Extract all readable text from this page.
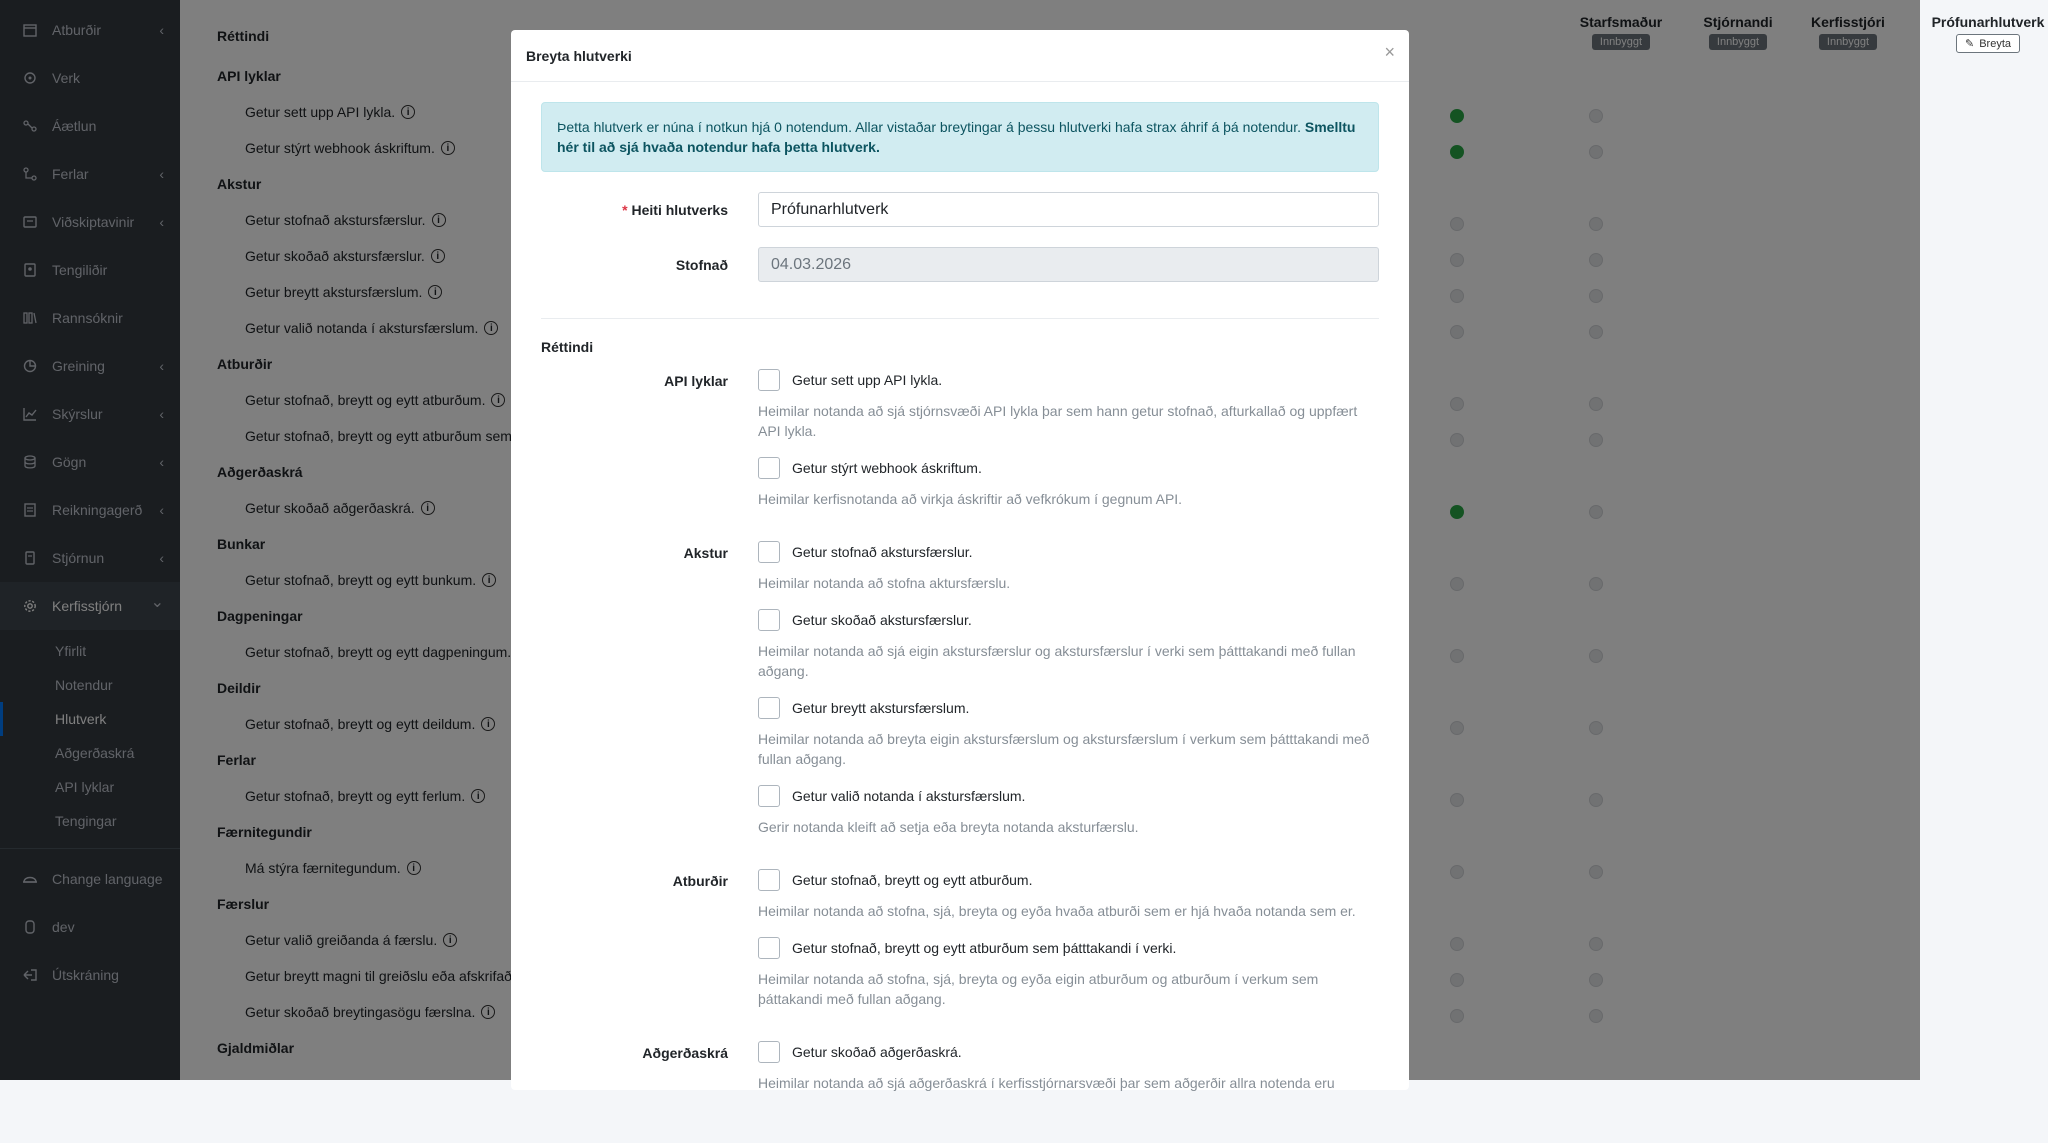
Prófunarhlutverk
✎ Breyta
Breyta hlutverki	×
Þetta hlutverk er núna í notkun hjá 0 notendum. Allar vistaðar breytingar á þessu hlutverki hafa strax áhrif á þá notendur. Smelltu hér til að sjá hvaða notendur hafa þetta hlutverk.
* Heiti hlutverks	Prófunarhlutverk
Stofnað	04.03.2026
Réttindi
API lyklar	Getur sett upp API lykla.
Heimilar notanda að sjá stjórnsvæði API lykla þar sem hann getur stofnað, afturkallað og uppfært API lykla.
Getur stýrt webhook áskriftum.
Heimilar kerfisnotanda að virkja áskriftir að vefkrókum í gegnum API.
Akstur	Getur stofnað akstursfærslur.
Heimilar notanda að stofna aktursfærslu.
Getur skoðað akstursfærslur.
Heimilar notanda að sjá eigin akstursfærslur og akstursfærslur í verki sem þátttakandi með fullan aðgang.
Getur breytt akstursfærslum.
Heimilar notanda að breyta eigin akstursfærslum og akstursfærslum í verkum sem þátttakandi með fullan aðgang.
Getur valið notanda í akstursfærslum.
Gerir notanda kleift að setja eða breyta notanda aksturfærslu.
Atburðir	Getur stofnað, breytt og eytt atburðum.
Heimilar notanda að stofna, sjá, breyta og eyða hvaða atburði sem er hjá hvaða notanda sem er.
Getur stofnað, breytt og eytt atburðum sem þátttakandi í verki.
Heimilar notanda að stofna, sjá, breyta og eyða eigin atburðum og atburðum í verkum sem þáttakandi með fullan aðgang.
Aðgerðaskrá	Getur skoðað aðgerðaskrá.
Heimilar notanda að sjá aðgerðaskrá í kerfisstjórnarsvæði þar sem aðgerðir allra notenda eru
